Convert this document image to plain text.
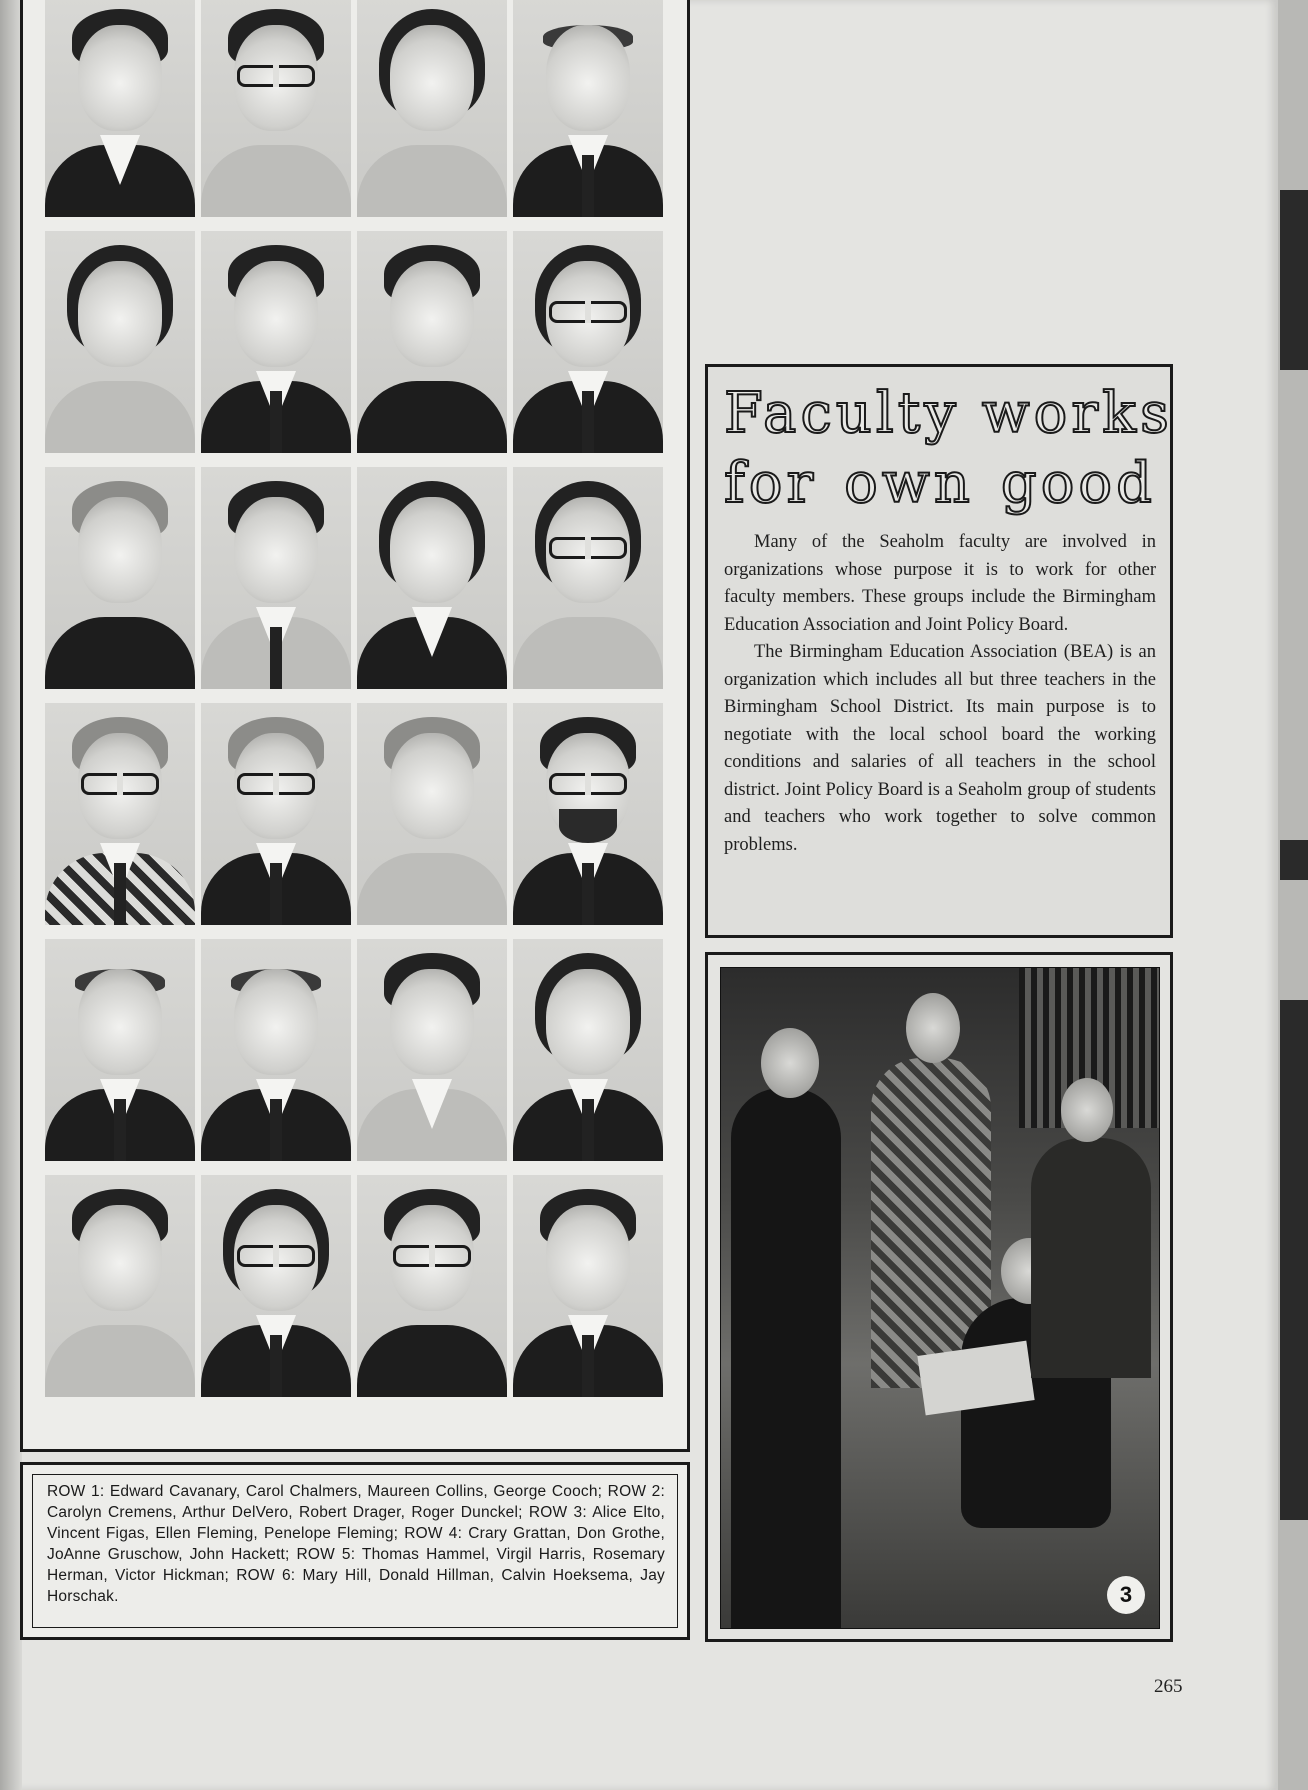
ROW 1: Edward Cavanary, Carol Chalmers, Maureen Collins, George Cooch; ROW 2: Carolyn Cremens, Arthur DelVero, Robert Drager, Roger Dunckel; ROW 3: Alice Elto, Vincent Figas, Ellen Fleming, Penelope Fleming; ROW 4: Crary Grattan, Don Grothe, JoAnne Gruschow, John Hackett; ROW 5: Thomas Hammel, Virgil Harris, Rosemary Herman, Victor Hickman; ROW 6: Mary Hill, Donald Hillman, Calvin Hoeksema, Jay Horschak.
Faculty works
for own good

Many of the Seaholm faculty are involved in organizations whose purpose it is to work for other faculty members. These groups include the Birmingham Education Association and Joint Policy Board.

The Birmingham Education Association (BEA) is an organization which includes all but three teachers in the Birmingham School District. Its main purpose is to negotiate with the local school board the working conditions and salaries of all teachers in the school district. Joint Policy Board is a Seaholm group of students and teachers who work together to solve common problems.

3
265
